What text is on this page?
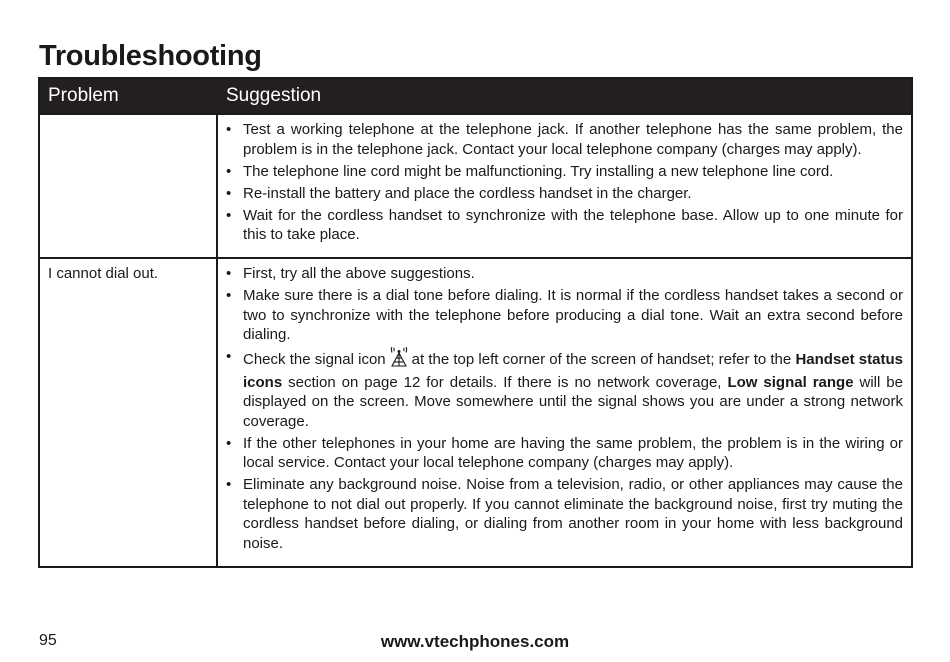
Troubleshooting
Problem	Suggestion
• Test a working telephone at the telephone jack. If another telephone has the same problem, the problem is in the telephone jack. Contact your local telephone company (charges may apply).
• The telephone line cord might be malfunctioning. Try installing a new telephone line cord.
• Re-install the battery and place the cordless handset in the charger.
• Wait for the cordless handset to synchronize with the telephone base. Allow up to one minute for this to take place.
I cannot dial out.
•	First, try all the above suggestions.
• Make sure there is a dial tone before dialing. It is normal if the cordless handset takes a second or two to synchronize with the telephone before producing a dial tone. Wait an extra second before dialing.
• Check the signal icon at the top left corner of the screen of handset; refer to the Handset status icons section on page 12 for details. If there is no network coverage, Low signal range will be displayed on the screen. Move somewhere until the signal shows you are under a strong network coverage.
• If the other telephones in your home are having the same problem, the problem is in the wiring or local service. Contact your local telephone company (charges may apply).
• Eliminate any background noise. Noise from a television, radio, or other appliances may cause the telephone to not dial out properly. If you cannot eliminate the background noise, first try muting the cordless handset before dialing, or dialing from another room in your home with less background noise.
www.vtechphones.com
95
